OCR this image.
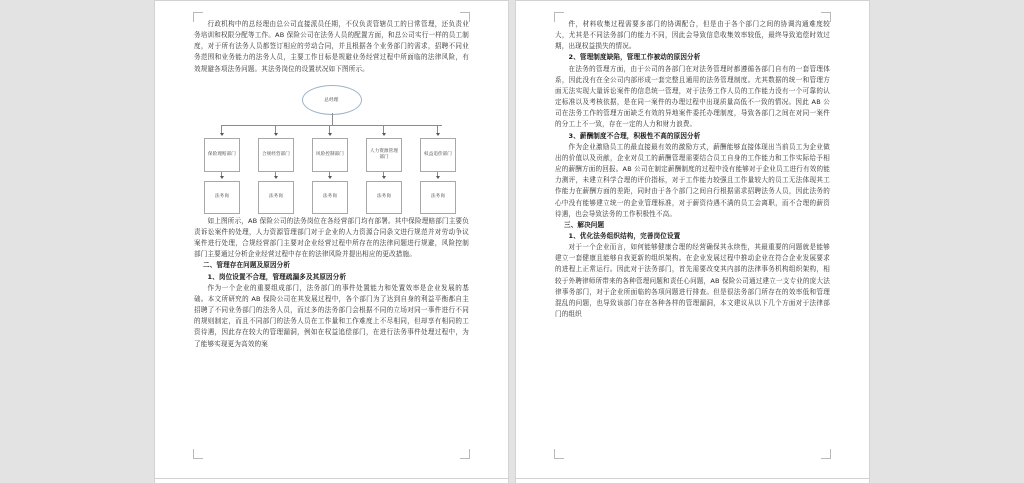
行政机构中的总经理由总公司直接派员任期，不仅负责管辖员工的日常管理，还负责业务培训和权限分配等工作。AB 保险公司在法务人员的配置方面，和总公司实行一样的员工制度，对于所有法务人员都签订相应的劳动合同，并且根据各个业务部门的需求，招聘不同业务范围和业务能力的法务人员，主要工作目标是规避业务经营过程中所面临的法律风险，有效规避各项法务问题。其法务岗位的设置状况如下图所示。

总经理
保险理赔部门
法务岗
合规经营部门
法务岗
风险控制部门
法务岗
人力资源管理部门
法务岗
权益追偿部门
法务岗

如上图所示，AB 保险公司的法务岗位在各经营部门均有部署。其中保险理赔部门主要负责诉讼案件的处理，人力资源管理部门对于企业的人力资源合同条文进行规范并对劳动争议案件进行处理，合规经营部门主要对企业经营过程中所存在的法律问题进行规避，风险控制部门主要通过分析企业经营过程中存在的法律风险并提出相应的更改措施。

二、管理存在问题及原因分析

1、岗位设置不合理，管理疏漏多及其原因分析

作为一个企业的重要组成部门，法务部门的事件处置能力和处置效率是企业发展的基础。本文所研究的 AB 保险公司在其发展过程中，各个部门为了达到自身的利益平衡都自主招聘了不同业务部门的法务人员，而过多的法务部门会根据不同的立场对同一事件进行不同的规则制定，而且不同部门的法务人员在工作量和工作难度上不尽相同，但却享有相同的工资待遇，因此存在较大的管理漏洞，例如在权益追偿部门，在进行法务事件处理过程中，为了能够实现更为高效的案

件，材料收集过程需要多部门的协调配合，但是由于各个部门之间的协调沟通难度较大，尤其是不同法务部门的能力不同，因此会导致信息收集效率较低，最终导致追偿时效过期，出现权益损失的情况。

2、管理制度缺陷，管理工作被动的原因分析

在法务的管理方面，由于公司的各部门在对法务管理时都遵循各部门自有的一套管理体系，因此没有在全公司内部形成一套完整且通用的法务管理制度。尤其数据的统一和管理方面无法实现大量诉讼案件的信息统一管理，对于法务工作人员的工作能力没有一个可靠的认定标准以及考核依据，是在同一案件的办理过程中出现质量高低不一致的情况。因此 AB 公司在法务工作的管理方面缺乏有效的异地案件委托办理制度，导致各部门之间在对同一案件的分工上不一致，存在一定的人力和财力浪费。

3、薪酬制度不合理，积极性不高的原因分析

作为企业激励员工的最直接最有效的激励方式，薪酬能够直接体现出当前员工为企业做出的价值以及贡献，企业对员工的薪酬管理需要结合员工自身的工作能力和工作实际给予相应的薪酬方面的回报。AB 公司在制定薪酬制度的过程中没有能够对于企业员工进行有效的能力测评，未建立科学合理的评价指标，对于工作能力较强且工作量较大的员工无法体现其工作能力在薪酬方面的差距，同时由于各个部门之间自行根据需求招聘法务人员，因此法务的心中没有能够建立统一的企业管理标准，对于薪资待遇不满的员工会离职，而不合理的薪资待遇，也会导致法务的工作积极性不高。

三、解决问题

1、优化法务组织结构，完善岗位设置

对于一个企业而言，如何能够健康合理的经营确保其永续性，其最重要的问题就是能够建立一套健康且能够自我更新的组织架构。在企业发展过程中推动企业在符合企业发展要求的进程上正常运行。因此对于法务部门，首先需要改变其内部的法律事务机构组织架构，相较于外聘律师所带来的各种管理问题和责任心问题，AB 保险公司通过建立一支专业的庞大法律事务部门，对于企业所面临的各项问题进行排查。但是很法务部门所存在的效率低和管理混乱的问题，也导致该部门存在各种各样的管理漏洞，本文建议从以下几个方面对于法律部门的组织
